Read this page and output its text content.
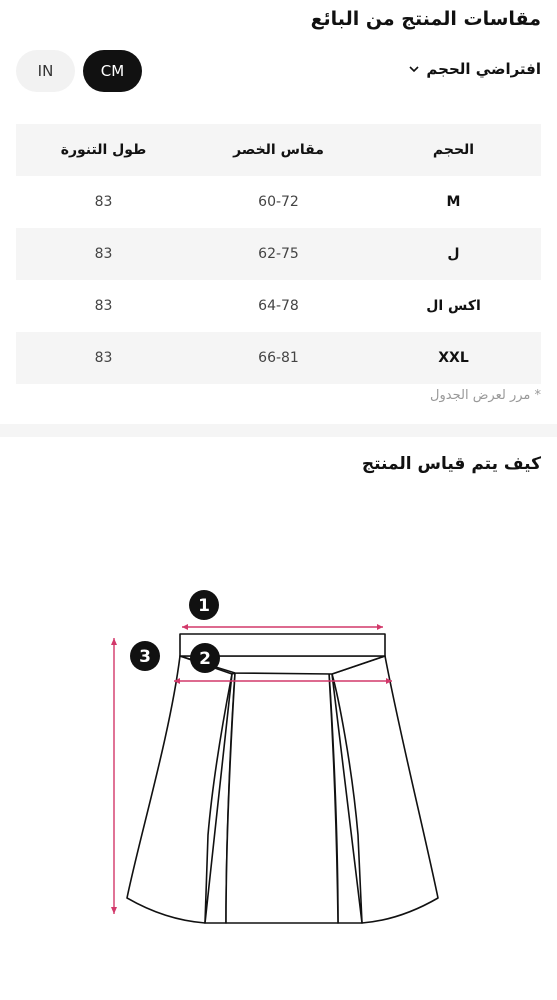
مقاسات المنتج من البائع
افتراضي الحجم
IN	CM
طول التنورة	مقاس الخصر	الحجم
83	60-72	M
83	62-75	ل
83	64-78	اكس ال
83	66-81	XXL
* مرر لعرض الجدول
كيف يتم قياس المنتج
1
2
3
